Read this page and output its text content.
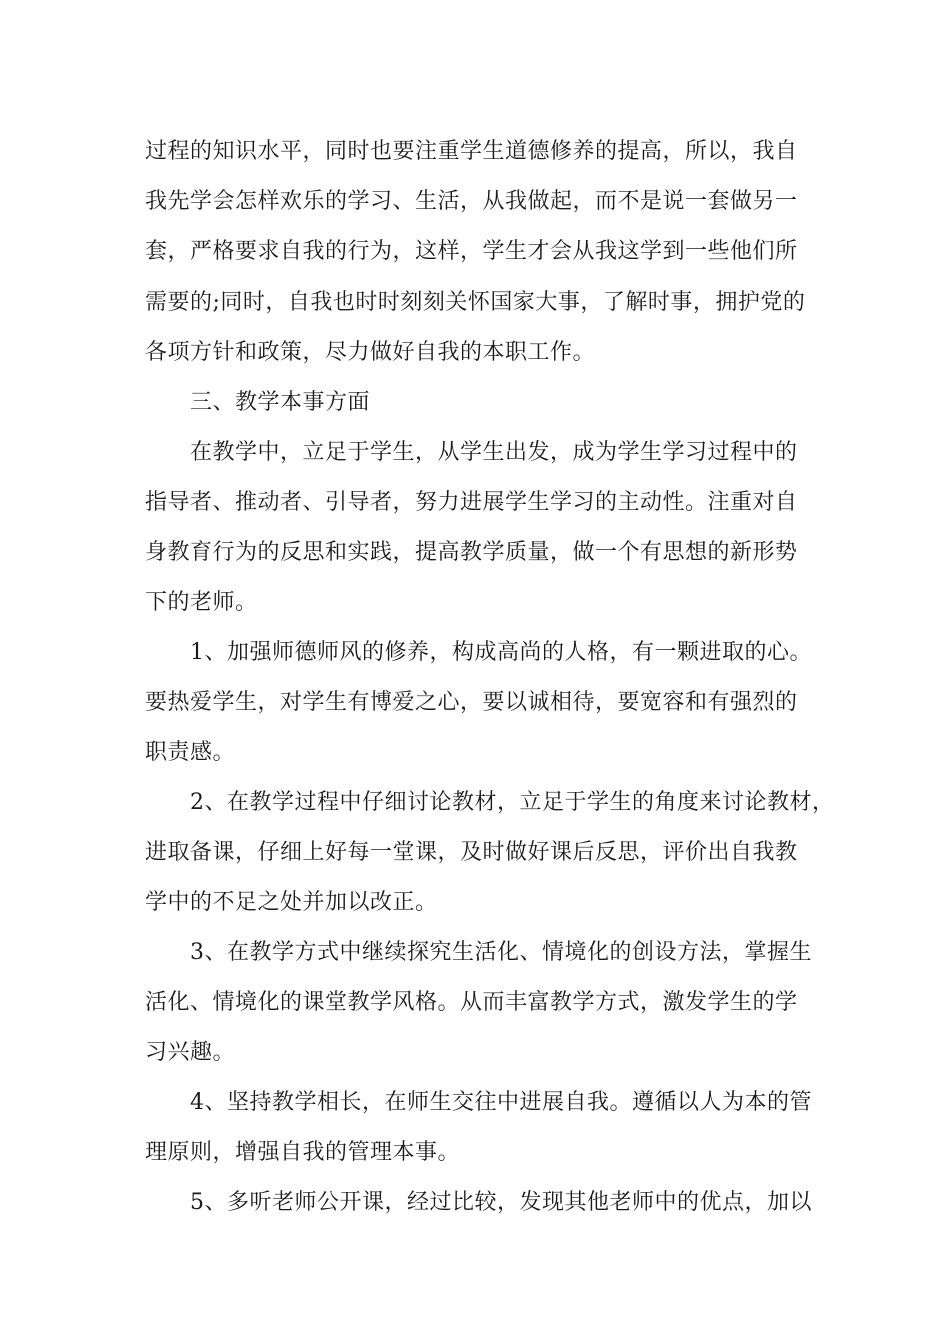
过程的知识水平，同时也要注重学生道德修养的提高，所以，我自
我先学会怎样欢乐的学习、生活，从我做起，而不是说一套做另一
套，严格要求自我的行为，这样，学生才会从我这学到一些他们所
需要的;同时，自我也时时刻刻关怀国家大事，了解时事，拥护党的
各项方针和政策，尽力做好自我的本职工作。
三、教学本事方面
在教学中，立足于学生，从学生出发，成为学生学习过程中的
指导者、推动者、引导者，努力进展学生学习的主动性。注重对自
身教育行为的反思和实践，提高教学质量，做一个有思想的新形势
下的老师。
1、加强师德师风的修养，构成高尚的人格，有一颗进取的心。
要热爱学生，对学生有博爱之心，要以诚相待，要宽容和有强烈的
职责感。
2、在教学过程中仔细讨论教材，立足于学生的角度来讨论教材，
进取备课，仔细上好每一堂课，及时做好课后反思，评价出自我教
学中的不足之处并加以改正。
3、在教学方式中继续探究生活化、情境化的创设方法，掌握生
活化、情境化的课堂教学风格。从而丰富教学方式，激发学生的学
习兴趣。
4、坚持教学相长，在师生交往中进展自我。遵循以人为本的管
理原则，增强自我的管理本事。
5、多听老师公开课，经过比较，发现其他老师中的优点，加以
